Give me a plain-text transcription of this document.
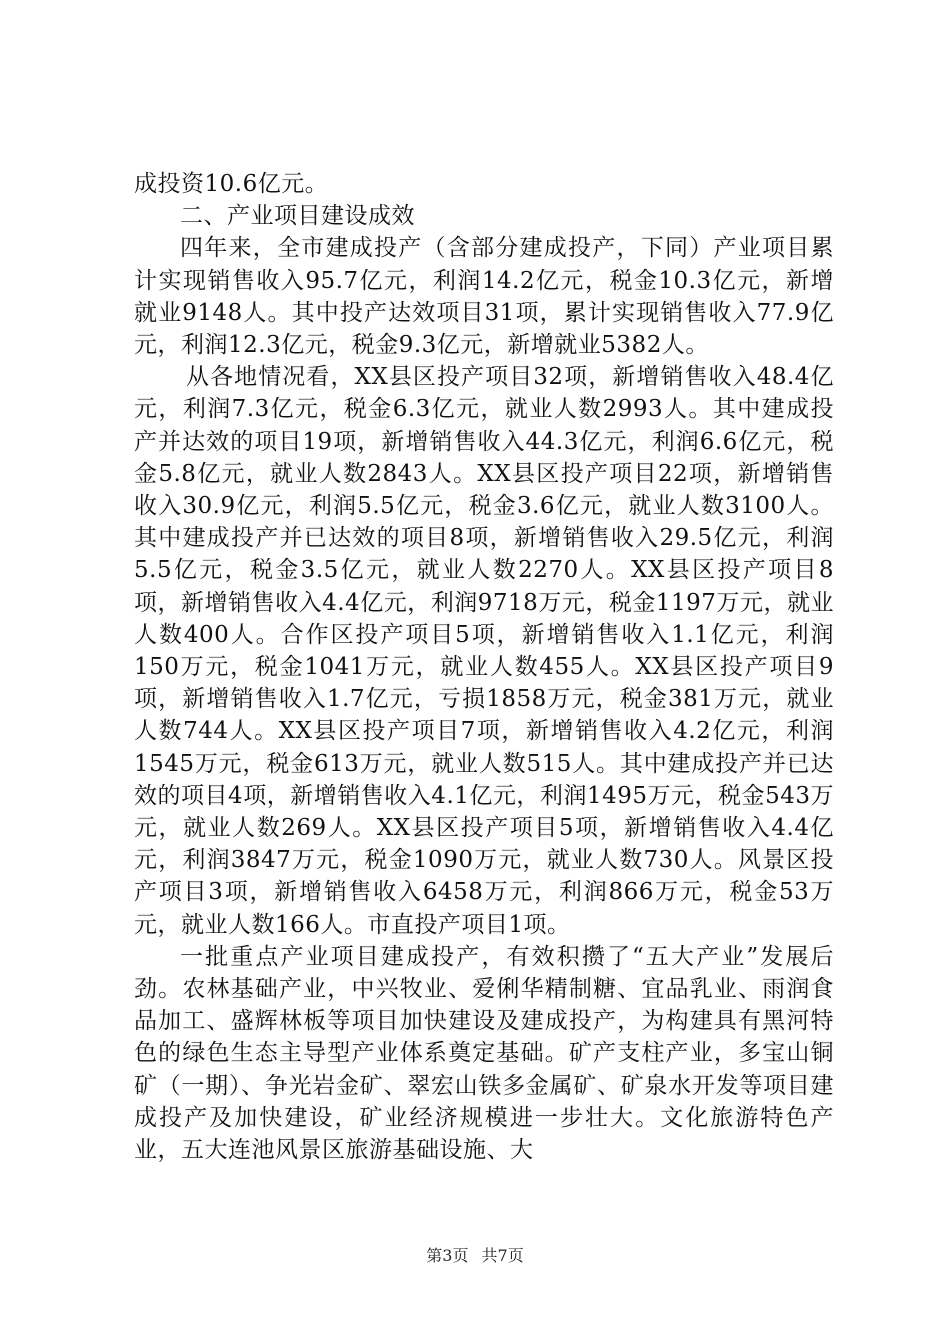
成投资10.6亿元。

二、产业项目建设成效

四年来，全市建成投产（含部分建成投产，下同）产业项目累计实现销售收入95.7亿元，利润14.2亿元，税金10.3亿元，新增就业9148人。其中投产达效项目31项，累计实现销售收入77.9亿元，利润12.3亿元，税金9.3亿元，新增就业5382人。

从各地情况看，XX县区投产项目32项，新增销售收入48.4亿元，利润7.3亿元，税金6.3亿元，就业人数2993人。其中建成投产并达效的项目19项，新增销售收入44.3亿元，利润6.6亿元，税金5.8亿元，就业人数2843人。XX县区投产项目22项，新增销售收入30.9亿元，利润5.5亿元，税金3.6亿元，就业人数3100人。其中建成投产并已达效的项目8项，新增销售收入29.5亿元，利润5.5亿元，税金3.5亿元，就业人数2270人。XX县区投产项目8项，新增销售收入4.4亿元，利润9718万元，税金1197万元，就业人数400人。合作区投产项目5项，新增销售收入1.1亿元，利润150万元，税金1041万元，就业人数455人。XX县区投产项目9项，新增销售收入1.7亿元，亏损1858万元，税金381万元，就业人数744人。XX县区投产项目7项，新增销售收入4.2亿元，利润1545万元，税金613万元，就业人数515人。其中建成投产并已达效的项目4项，新增销售收入4.1亿元，利润1495万元，税金543万元，就业人数269人。XX县区投产项目5项，新增销售收入4.4亿元，利润3847万元，税金1090万元，就业人数730人。风景区投产项目3项，新增销售收入6458万元，利润866万元，税金53万元，就业人数166人。市直投产项目1项。

一批重点产业项目建成投产，有效积攒了“五大产业”发展后劲。农林基础产业，中兴牧业、爱俐华精制糖、宜品乳业、雨润食品加工、盛辉林板等项目加快建设及建成投产，为构建具有黑河特色的绿色生态主导型产业体系奠定基础。矿产支柱产业，多宝山铜矿（一期）、争光岩金矿、翠宏山铁多金属矿、矿泉水开发等项目建成投产及加快建设，矿业经济规模进一步壮大。文化旅游特色产业，五大连池风景区旅游基础设施、大

第3页 共7页
